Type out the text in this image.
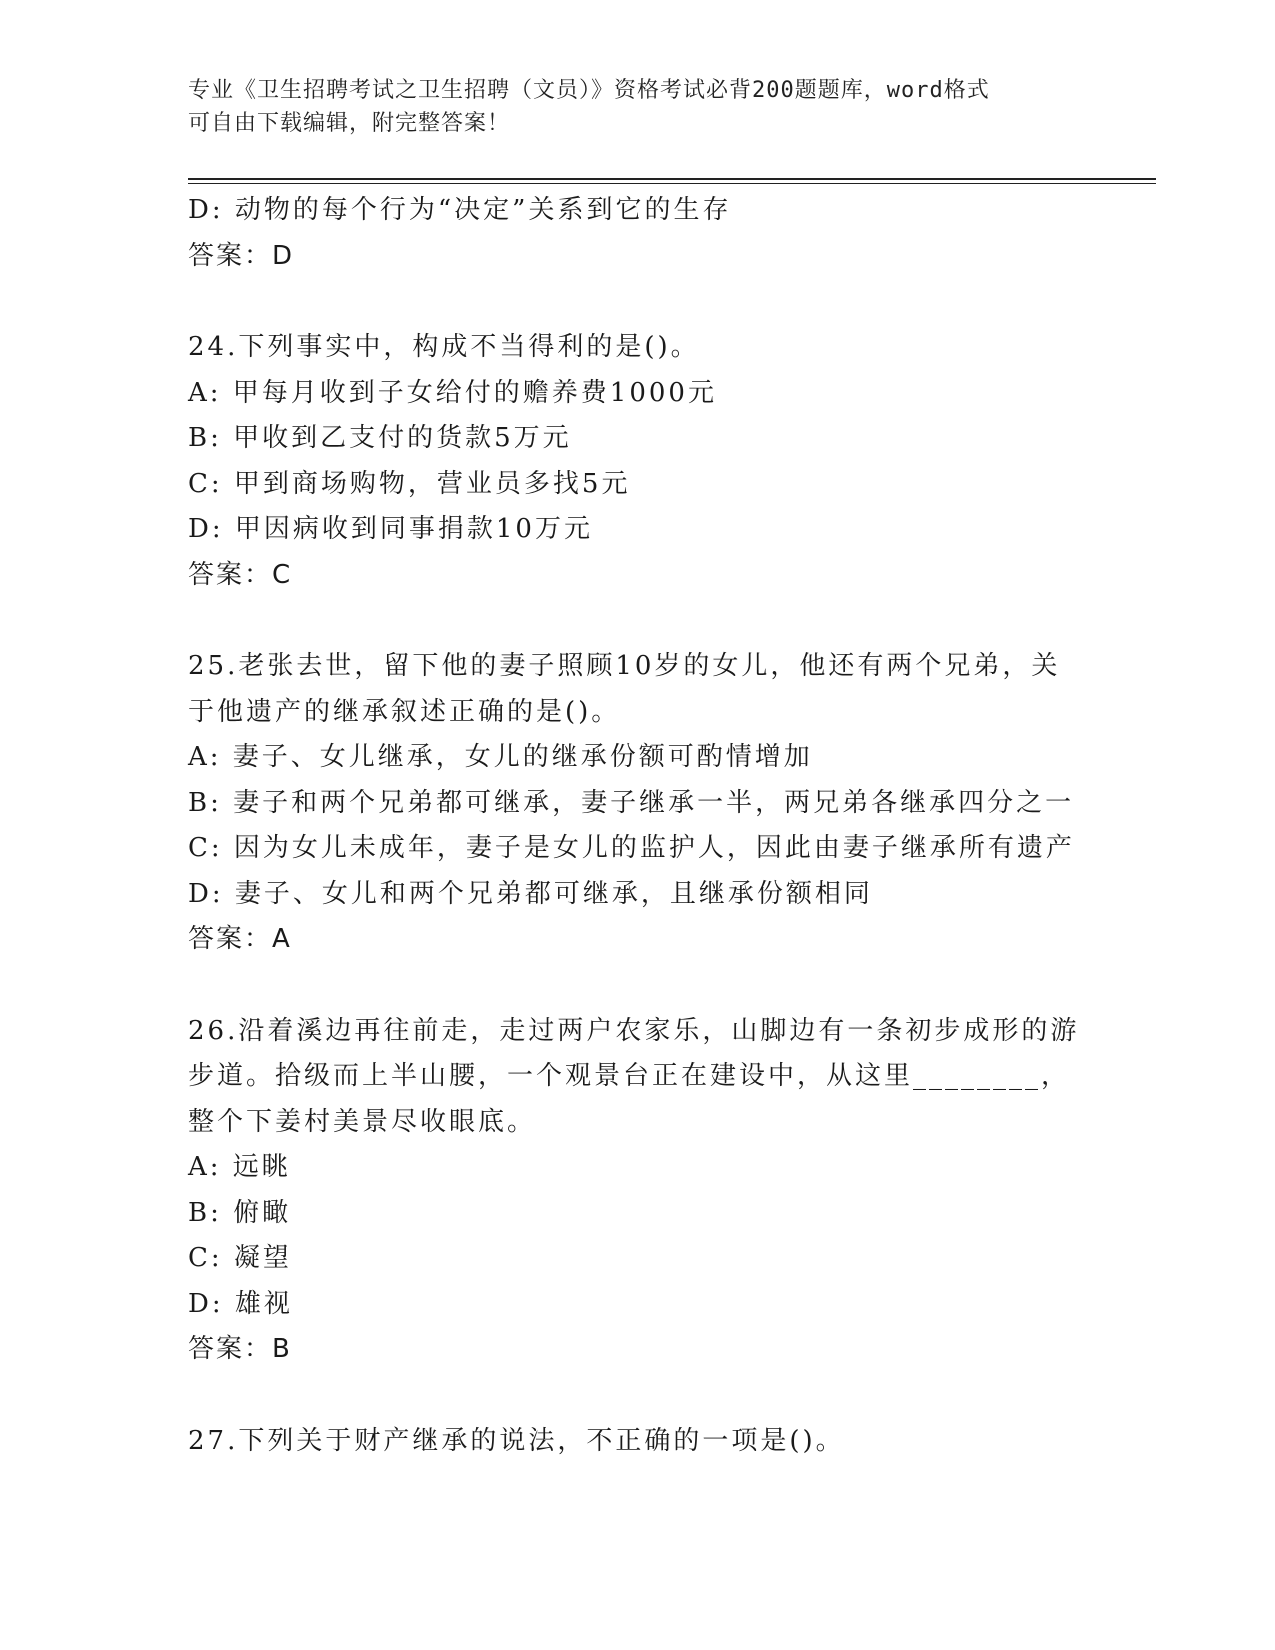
专业《卫生招聘考试之卫生招聘（文员）》资格考试必背200题题库，word格式
可自由下载编辑，附完整答案！
D: 动物的每个行为“决定”关系到它的生存
答案：D
24.下列事实中，构成不当得利的是()。
A: 甲每月收到子女给付的赡养费1000元
B: 甲收到乙支付的货款5万元
C: 甲到商场购物，营业员多找5元
D: 甲因病收到同事捐款10万元
答案：C
25.老张去世，留下他的妻子照顾10岁的女儿，他还有两个兄弟，关
于他遗产的继承叙述正确的是()。
A: 妻子、女儿继承，女儿的继承份额可酌情增加
B: 妻子和两个兄弟都可继承，妻子继承一半，两兄弟各继承四分之一
C: 因为女儿未成年，妻子是女儿的监护人，因此由妻子继承所有遗产
D: 妻子、女儿和两个兄弟都可继承，且继承份额相同
答案：A
26.沿着溪边再往前走，走过两户农家乐，山脚边有一条初步成形的游
步道。拾级而上半山腰，一个观景台正在建设中，从这里________，
整个下姜村美景尽收眼底。
A: 远眺
B: 俯瞰
C: 凝望
D: 雄视
答案：B
27.下列关于财产继承的说法，不正确的一项是()。
